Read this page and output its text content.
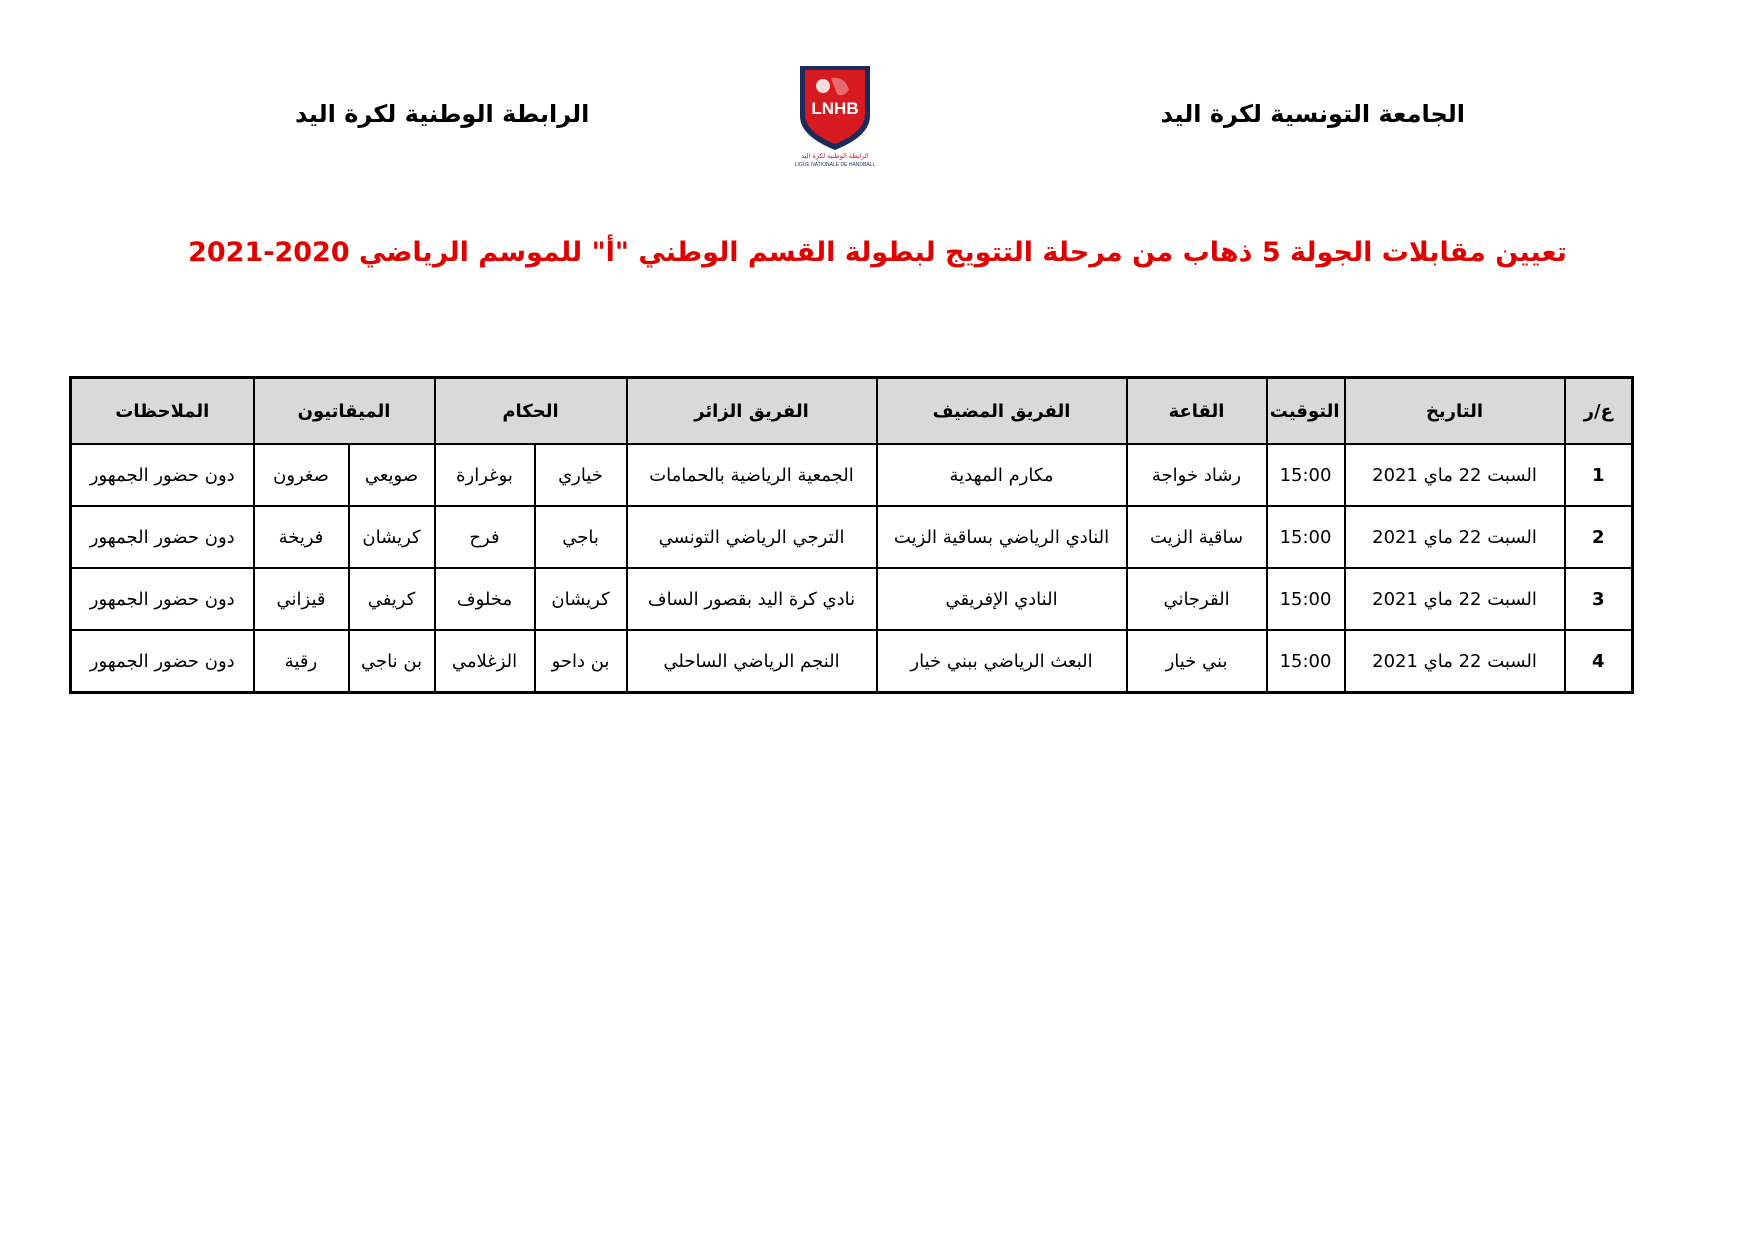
الجامعة التونسية لكرة اليد
LNHB
الرابطة الوطنية لكرة اليد
LIGUE NATIONALE DE HANDBALL
الرابطة الوطنية لكرة اليد
تعيين مقابلات الجولة 5 ذهاب من مرحلة التتويج لبطولة القسم الوطني "أ" للموسم الرياضي 2020-2021
ع/ر	التاريخ	التوقيت	القاعة	الفريق المضيف	الفريق الزائر	الحكام		الميقاتيون		الملاحظات
1	السبت 22 ماي 2021	15:00	رشاد خواجة	مكارم المهدية	الجمعية الرياضية بالحمامات	خياري	بوغرارة	صويعي	صغرون	دون حضور الجمهور
2	السبت 22 ماي 2021	15:00	ساقية الزيت	النادي الرياضي بساقية الزيت	الترجي الرياضي التونسي	باجي	فرح	كريشان	فريخة	دون حضور الجمهور
3	السبت 22 ماي 2021	15:00	القرجاني	النادي الإفريقي	نادي كرة اليد بقصور الساف	كريشان	مخلوف	كريفي	قيزاني	دون حضور الجمهور
4	السبت 22 ماي 2021	15:00	بني خيار	البعث الرياضي ببني خيار	النجم الرياضي الساحلي	بن داحو	الزغلامي	بن ناجي	رقية	دون حضور الجمهور
